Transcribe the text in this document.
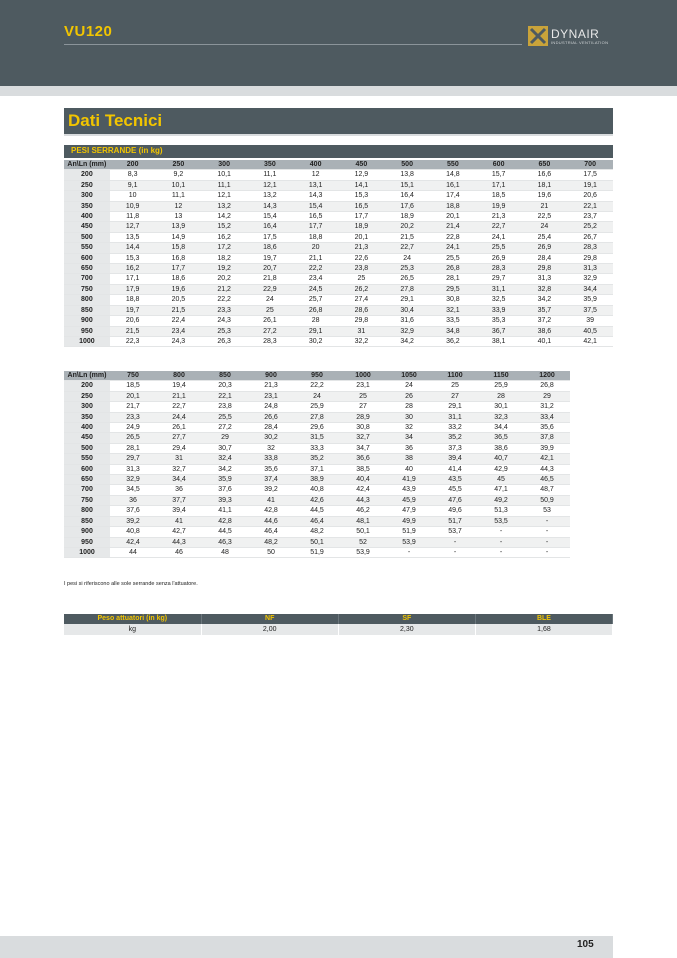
VU120	DYNAIR
INDUSTRIAL VENTILATION
Dati Tecnici
PESI SERRANDE (in kg)
An\Ln (mm)	200	250	300	350	400	450	500	550	600	650	700
200	8,3	9,2	10,1	11,1	12	12,9	13,8	14,8	15,7	16,6	17,5
250	9,1	10,1	11,1	12,1	13,1	14,1	15,1	16,1	17,1	18,1	19,1
300	10	11,1	12,1	13,2	14,3	15,3	16,4	17,4	18,5	19,6	20,6
350	10,9	12	13,2	14,3	15,4	16,5	17,6	18,8	19,9	21	22,1
400	11,8	13	14,2	15,4	16,5	17,7	18,9	20,1	21,3	22,5	23,7
450	12,7	13,9	15,2	16,4	17,7	18,9	20,2	21,4	22,7	24	25,2
500	13,5	14,9	16,2	17,5	18,8	20,1	21,5	22,8	24,1	25,4	26,7
550	14,4	15,8	17,2	18,6	20	21,3	22,7	24,1	25,5	26,9	28,3
600	15,3	16,8	18,2	19,7	21,1	22,6	24	25,5	26,9	28,4	29,8
650	16,2	17,7	19,2	20,7	22,2	23,8	25,3	26,8	28,3	29,8	31,3
700	17,1	18,6	20,2	21,8	23,4	25	26,5	28,1	29,7	31,3	32,9
750	17,9	19,6	21,2	22,9	24,5	26,2	27,8	29,5	31,1	32,8	34,4
800	18,8	20,5	22,2	24	25,7	27,4	29,1	30,8	32,5	34,2	35,9
850	19,7	21,5	23,3	25	26,8	28,6	30,4	32,1	33,9	35,7	37,5
900	20,6	22,4	24,3	26,1	28	29,8	31,6	33,5	35,3	37,2	39
950	21,5	23,4	25,3	27,2	29,1	31	32,9	34,8	36,7	38,6	40,5
1000	22,3	24,3	26,3	28,3	30,2	32,2	34,2	36,2	38,1	40,1	42,1
An\Ln (mm)	750	800	850	900	950	1000	1050	1100	1150	1200
200	18,5	19,4	20,3	21,3	22,2	23,1	24	25	25,9	26,8
250	20,1	21,1	22,1	23,1	24	25	26	27	28	29
300	21,7	22,7	23,8	24,8	25,9	27	28	29,1	30,1	31,2
350	23,3	24,4	25,5	26,6	27,8	28,9	30	31,1	32,3	33,4
400	24,9	26,1	27,2	28,4	29,6	30,8	32	33,2	34,4	35,6
450	26,5	27,7	29	30,2	31,5	32,7	34	35,2	36,5	37,8
500	28,1	29,4	30,7	32	33,3	34,7	36	37,3	38,6	39,9
550	29,7	31	32,4	33,8	35,2	36,6	38	39,4	40,7	42,1
600	31,3	32,7	34,2	35,6	37,1	38,5	40	41,4	42,9	44,3
650	32,9	34,4	35,9	37,4	38,9	40,4	41,9	43,5	45	46,5
700	34,5	36	37,6	39,2	40,8	42,4	43,9	45,5	47,1	48,7
750	36	37,7	39,3	41	42,6	44,3	45,9	47,6	49,2	50,9
800	37,6	39,4	41,1	42,8	44,5	46,2	47,9	49,6	51,3	53
850	39,2	41	42,8	44,6	46,4	48,1	49,9	51,7	53,5	-
900	40,8	42,7	44,5	46,4	48,2	50,1	51,9	53,7	-	-
950	42,4	44,3	46,3	48,2	50,1	52	53,9	-	-	-
1000	44	46	48	50	51,9	53,9	-	-	-	-
I pesi si riferiscono alle sole serrande senza l'attuatore.
Peso attuatori (in kg)	NF	SF	BLE
kg	2,00	2,30	1,68
105
